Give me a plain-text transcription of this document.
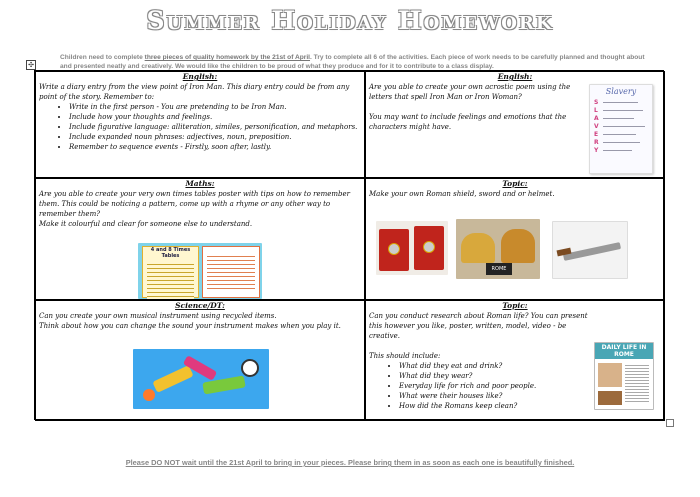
Summer Holiday Homework
Children need to complete three pieces of quality homework by the 21st of April. Try to complete all 6 of the activities. Each piece of work needs to be carefully planned and thought about and presented neatly and creatively. We would like the children to be proud of what they produce and for it to contribute to a class display.
✣
English:

Write a diary entry from the view point of Iron Man. This diary entry could be from any point of the story. Remember to:

• Write in the first person - You are pretending to be Iron Man.
• Include how your thoughts and feelings.
• Include figurative language: alliteration, similes, personification, and metaphors.
• Include expanded noun phrases: adjectives, noun, preposition.
• Remember to sequence events - Firstly, soon after, lastly.
English:

Are you able to create your own acrostic poem using the letters that spell Iron Man or Iron Woman?

You may want to include feelings and emotions that the characters might have.

Slavery
S
L
A
V
E
R
Y
Maths:

Are you able to create your very own times tables poster with tips on how to remember them. This could be noticing a pattern, come up with a rhyme or any other way to remember them?

Make it colourful and clear for someone else to understand.

4 and 8 Times Tables
Topic:

Make your own Roman shield, sword and or helmet.

ROME
Science/DT:

Can you create your own musical instrument using recycled items.

Think about how you can change the sound your instrument makes when you play it.

Topic:

Can you conduct research about Roman life? You can present this however you like, poster, written, model, video - be creative.

This should include:

• What did they eat and drink?
• What did they wear?
• Everyday life for rich and poor people.
• What were their houses like?
• How did the Romans keep clean?
DAILY LIFE IN ROME
Please DO NOT wait until the 21st April to bring in your pieces. Please bring them in as soon as each one is beautifully finished.
